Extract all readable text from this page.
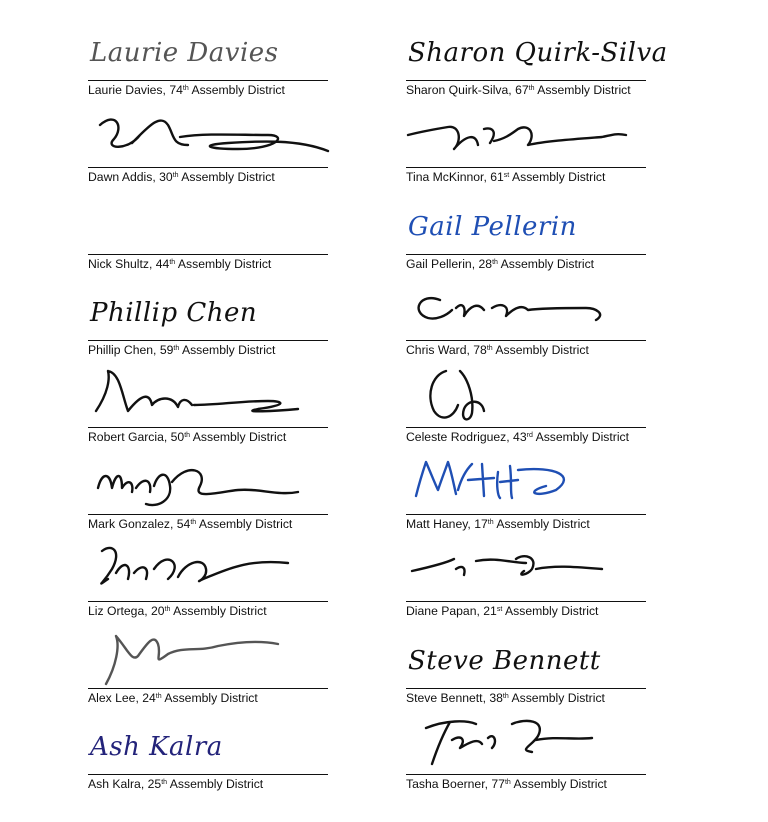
Laurie Davies
Laurie Davies, 74th Assembly District
Dawn Addis, 30th Assembly District
Nick Shultz, 44th Assembly District
Phillip Chen
Phillip Chen, 59th Assembly District
Robert Garcia, 50th Assembly District
Mark Gonzalez, 54th Assembly District
Liz Ortega, 20th Assembly District
Alex Lee, 24th Assembly District
Ash Kalra
Ash Kalra, 25th Assembly District
Sharon Quirk-Silva
Sharon Quirk-Silva, 67th Assembly District
Tina McKinnor, 61st Assembly District
Gail Pellerin
Gail Pellerin, 28th Assembly District
Chris Ward, 78th Assembly District
Celeste Rodriguez, 43rd Assembly District
Matt Haney, 17th Assembly District
Diane Papan, 21st Assembly District
Steve Bennett
Steve Bennett, 38th Assembly District
Tasha Boerner, 77th Assembly District
